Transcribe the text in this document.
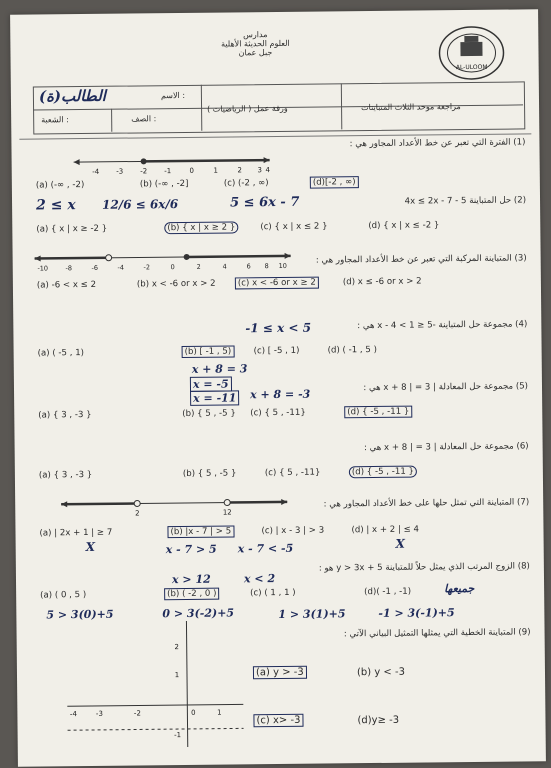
AL-ULOOM
مدارس
العلوم الحديثة الأهلية
جبل عمان
الطالب(ة)	الاسم :
الشعبة :	الصف :
( الرياضيات ) ورقة عمل	مراجعة موحد الثلاث المتباينات
(1) الفترة التي تعبر عن خط الأعداد المجاور هي :
-4 -3 -2 -1	0	1	2 3 4
(a) (-∞ , -2)	(b) (-∞ , -2]	(c) (-2 , ∞)	(d)[-2 , ∞)
(2) حل المتباينة 5 - 4x ≤ 2x - 7
2 ≤ x 12/6 ≤ 6x/6	5 ≤ 6x - 7
(a) { x | x ≥ -2 }	(b) { x | x ≥ 2 }	(c) { x | x ≤ 2 }	(d) { x | x ≤ -2 }
-10	-8	-6	-4	-2	0	2	4	6 8 10
(3) المتباينة المركبة التي تعبر عن خط الأعداد المجاور هي :
(a) -6 < x ≤ 2	(b) x < -6 or x > 2	(c) x < -6 or x ≥ 2	(d) x ≤ -6 or x > 2
-1 ≤ x < 5	(4) مجموعة حل المتباينة -5 ≤ x - 4 < 1 هي :
(a) ( -5 , 1)	(b) [ -1 , 5)	(c) [ -5 , 1)	(d) ( -1 , 5 )
x + 8 = 3
x = -5
x + 8 = -3
x = -11
(5) مجموعة حل المعادلة | x + 8 | = 3 هي :
(a) { 3 , -3 }	(b) { 5 , -5 } (c) { 5 , -11}	(d) { -5 , -11 }
(6) مجموعة حل المعادلة | x + 8 | = 3 هي :
(a) { 3 , -3 }	(b) { 5 , -5 }	(c) { 5 , -11}	(d) { -5 , -11 }
2	12
(7) المتباينة التي تمثل حلها على خط الأعداد المجاور هي :
(a) | 2x + 1 | ≥ 7	(b) |x - 7 | > 5	(c) | x - 3 | > 3	(d) | x + 2 | ≤ 4
X	X
x - 7 > 5
x > 12
x - 7 < -5
x < 2
(8) الزوج المرتب الذي يمثل حلاً للمتباينة y > 3x + 5 هو :
(a) ( 0 , 5 )	(b) ( -2 , 0 )	(c) ( 1 , 1 )	(d)( -1 , -1)	جميعها
5 > 3(0)+5	0 > 3(-2)+5	1 > 3(1)+5	-1 > 3(-1)+5
(9) المتباينة الخطية التي يمثلها التمثيل البياني الآتي :
2
1
-1
-4	-3	-2	0	1
(a) y > -3	(b) y < -3
(c) x> -3	(d)y≥ -3
